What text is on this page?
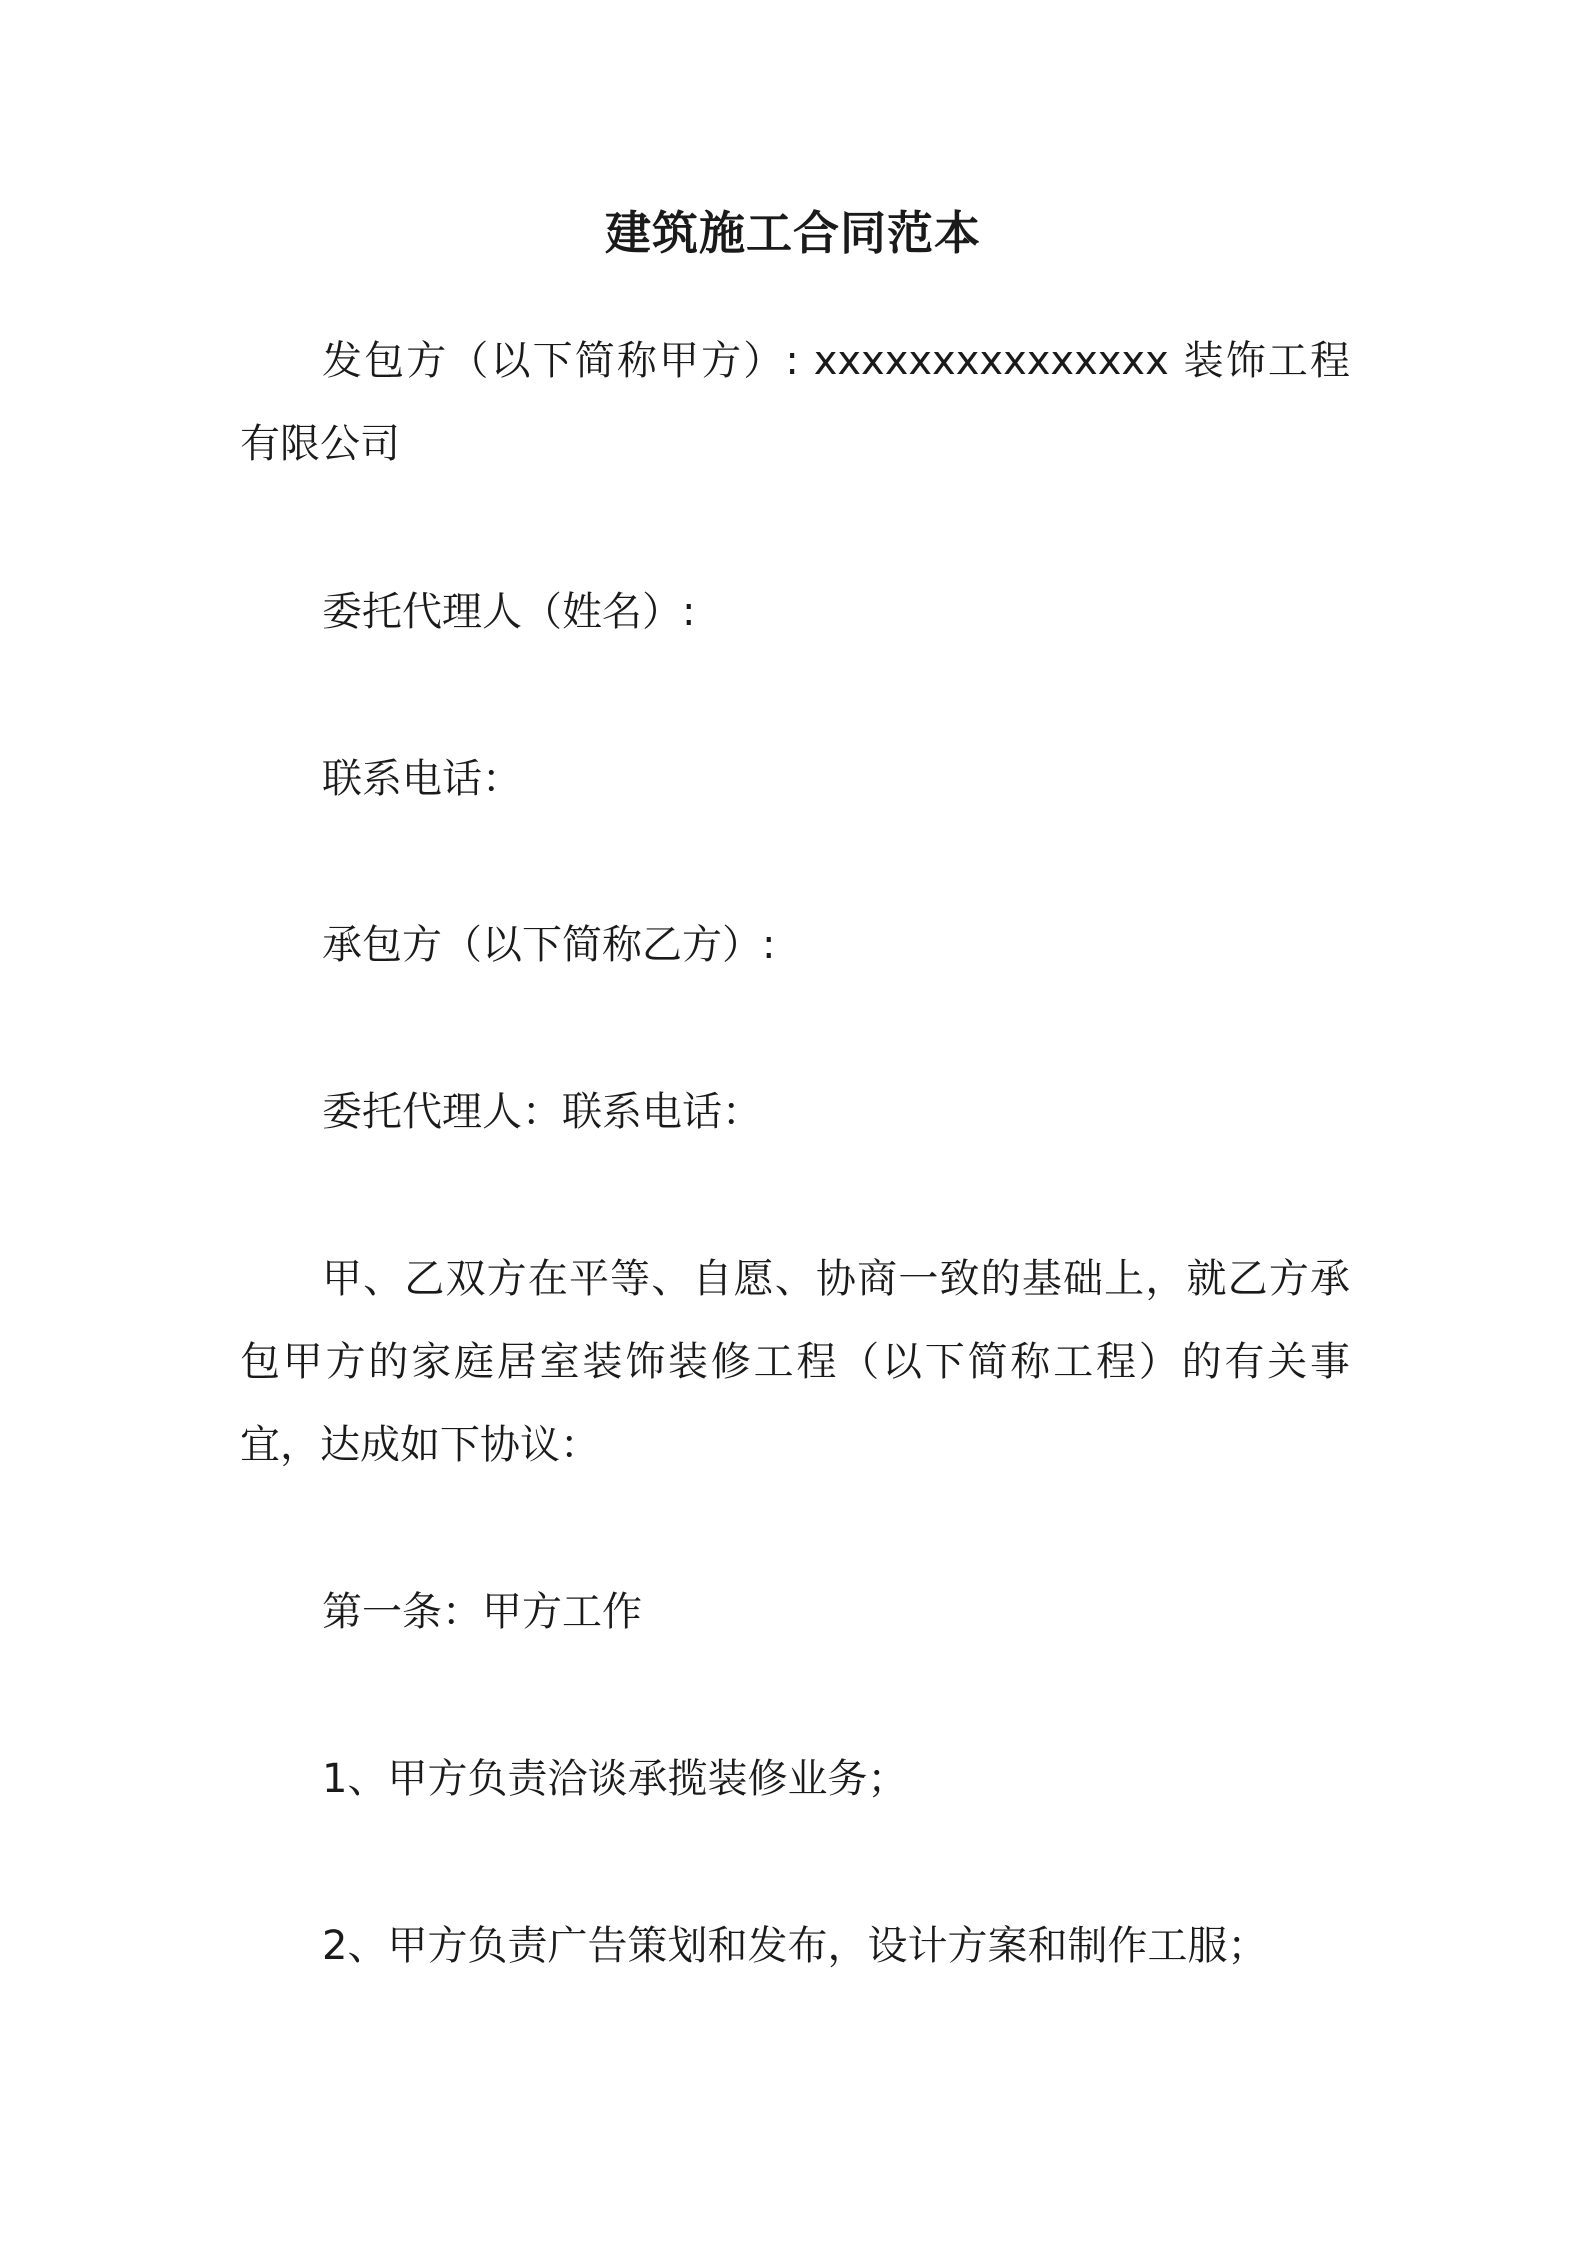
建筑施工合同范本

发包方（以下简称甲方）: xxxxxxxxxxxxxxx 装饰工程有限公司

委托代理人（姓名）:

联系电话：

承包方（以下简称乙方）:

委托代理人：联系电话：

甲、乙双方在平等、自愿、协商一致的基础上，就乙方承包甲方的家庭居室装饰装修工程（以下简称工程）的有关事宜，达成如下协议：

第一条：甲方工作

1、甲方负责洽谈承揽装修业务；

2、甲方负责广告策划和发布，设计方案和制作工服；
